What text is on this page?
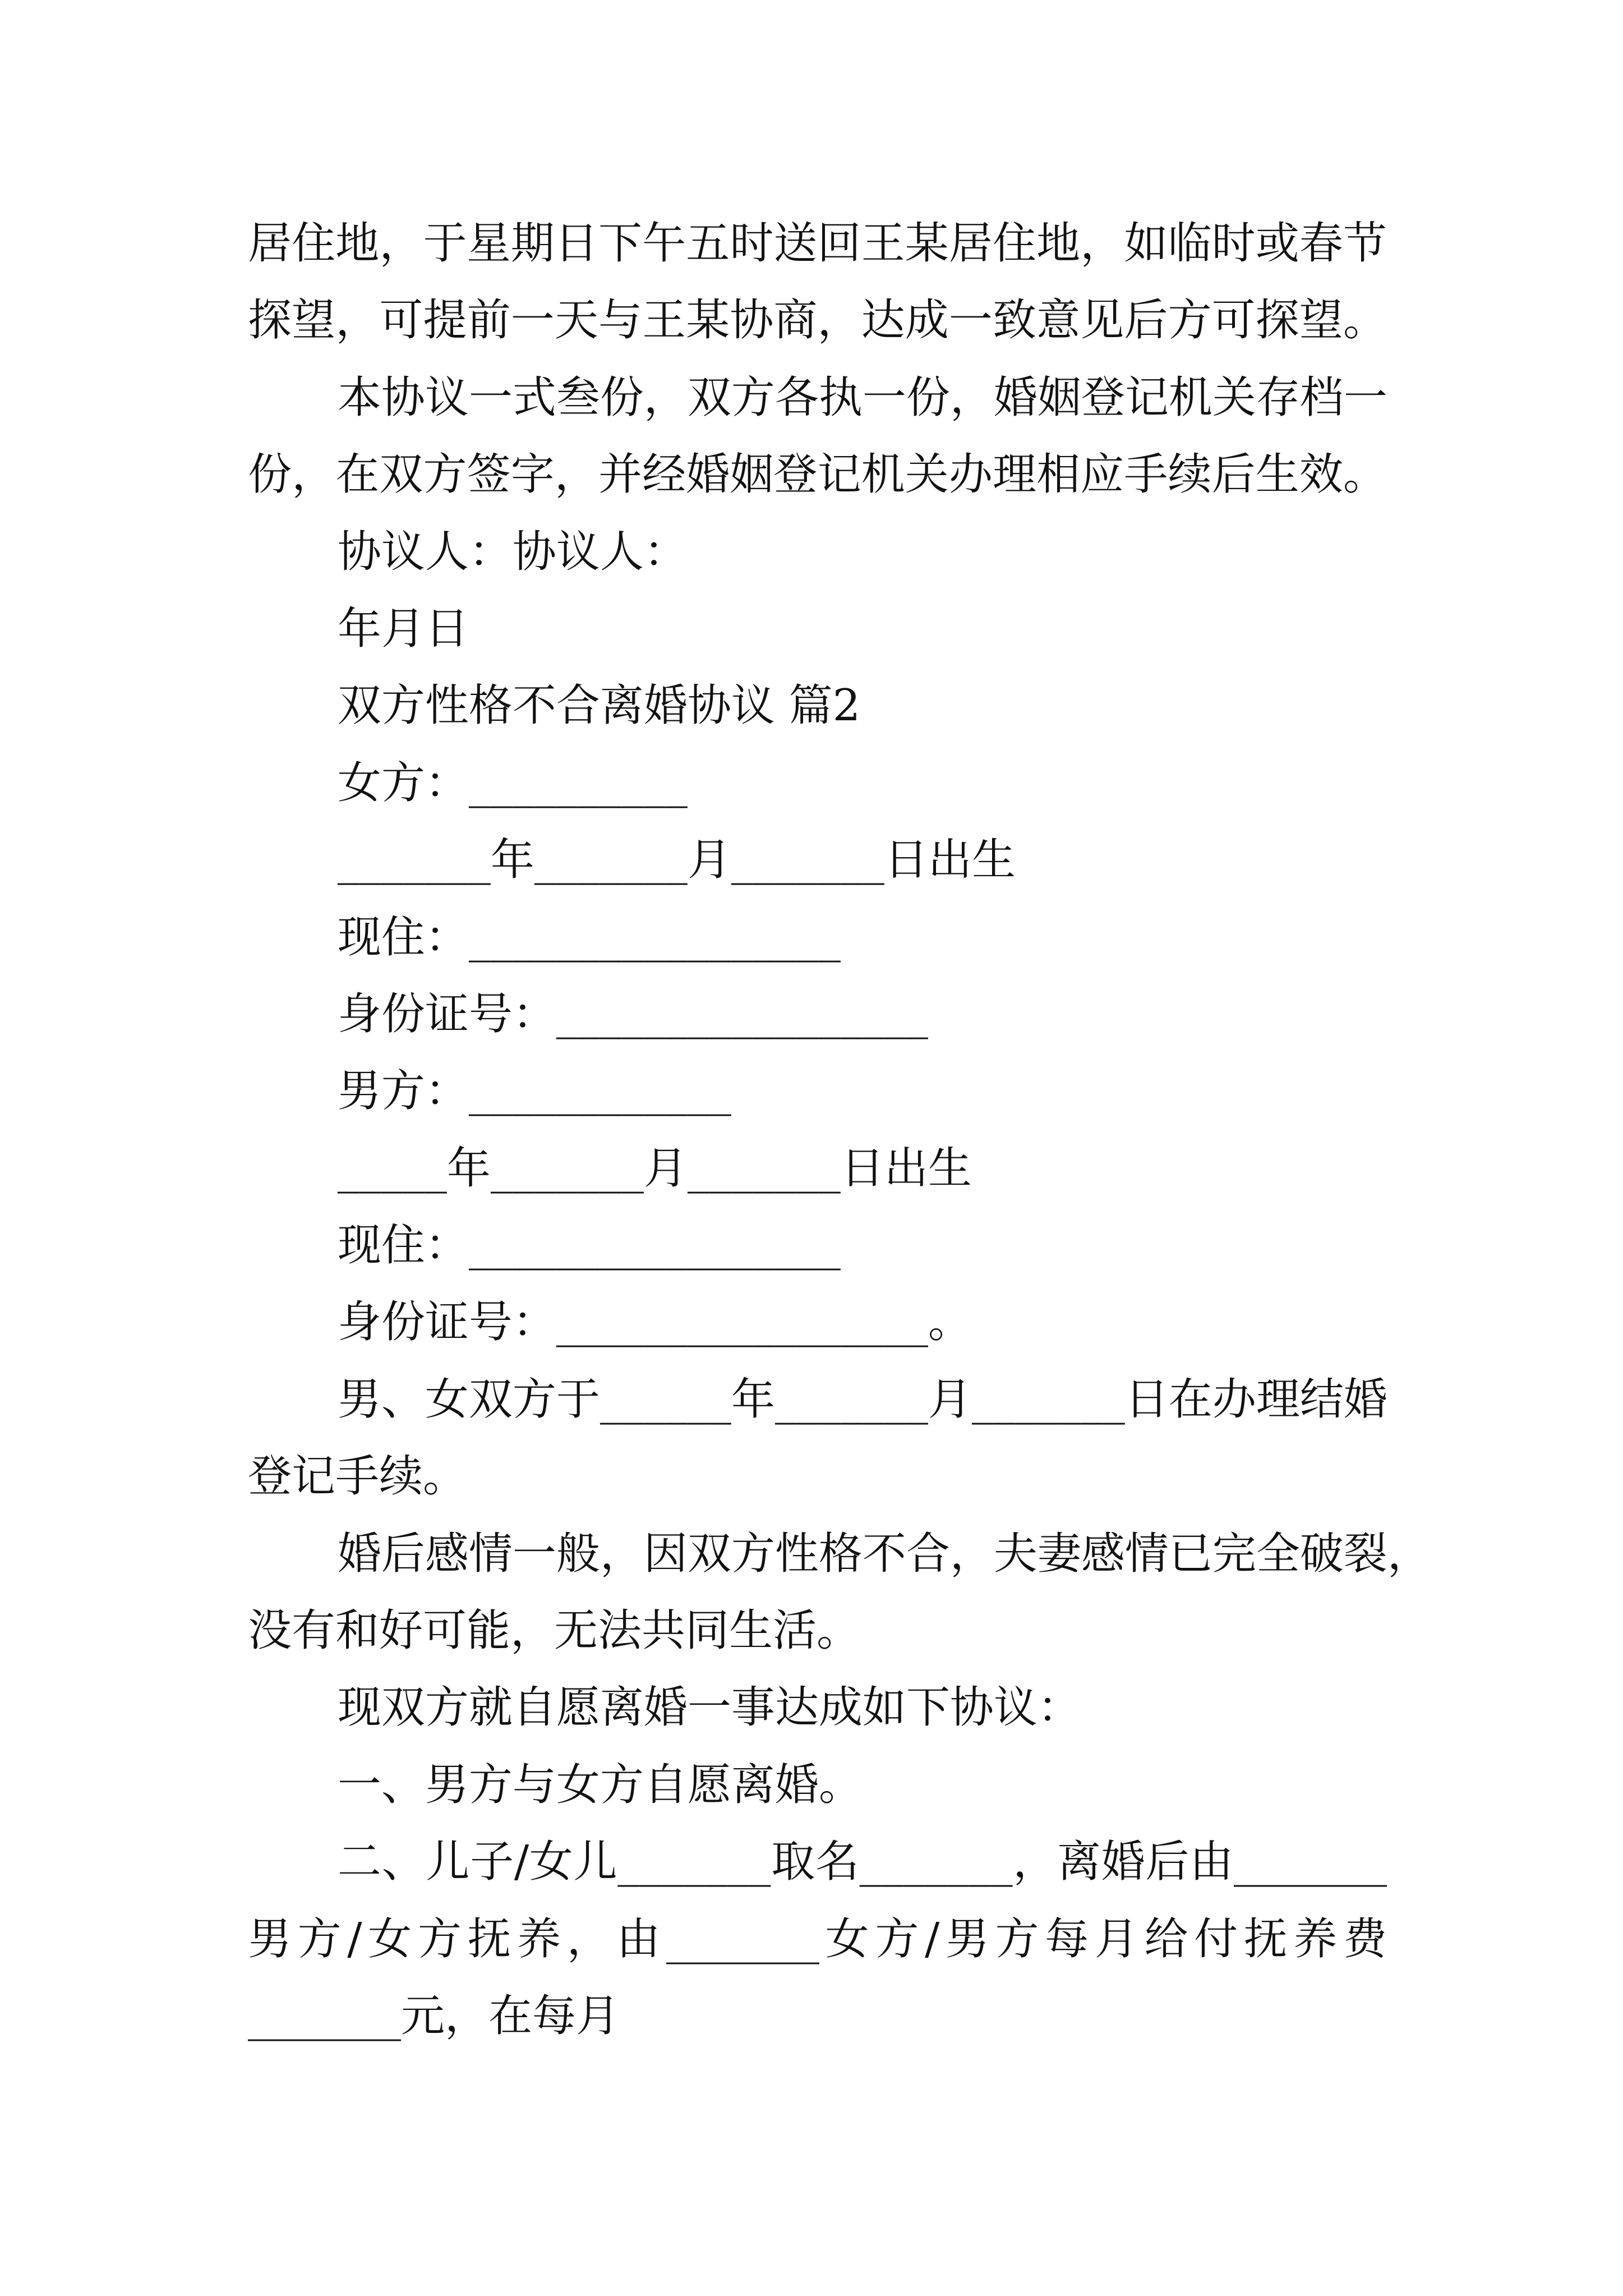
居住地，于星期日下午五时送回王某居住地，如临时或春节
探望，可提前一天与王某协商，达成一致意见后方可探望。
本协议一式叁份，双方各执一份，婚姻登记机关存档一
份，在双方签字，并经婚姻登记机关办理相应手续后生效。
协议人：协议人：
年月日
双方性格不合离婚协议 篇2
女方：__________
_______年_______月_______日出生
现住：_________________
身份证号：_________________
男方：____________
_____年_______月_______日出生
现住：_________________
身份证号：_________________。
男、女双方于______年_______月_______日在办理结婚
登记手续。
婚后感情一般，因双方性格不合，夫妻感情已完全破裂，
没有和好可能，无法共同生活。
现双方就自愿离婚一事达成如下协议：
一、男方与女方自愿离婚。
二、儿子/女儿_______取名_______，离婚后由_______
男方/女方抚养，由_______女方/男方每月给付抚养费
_______元，在每月
